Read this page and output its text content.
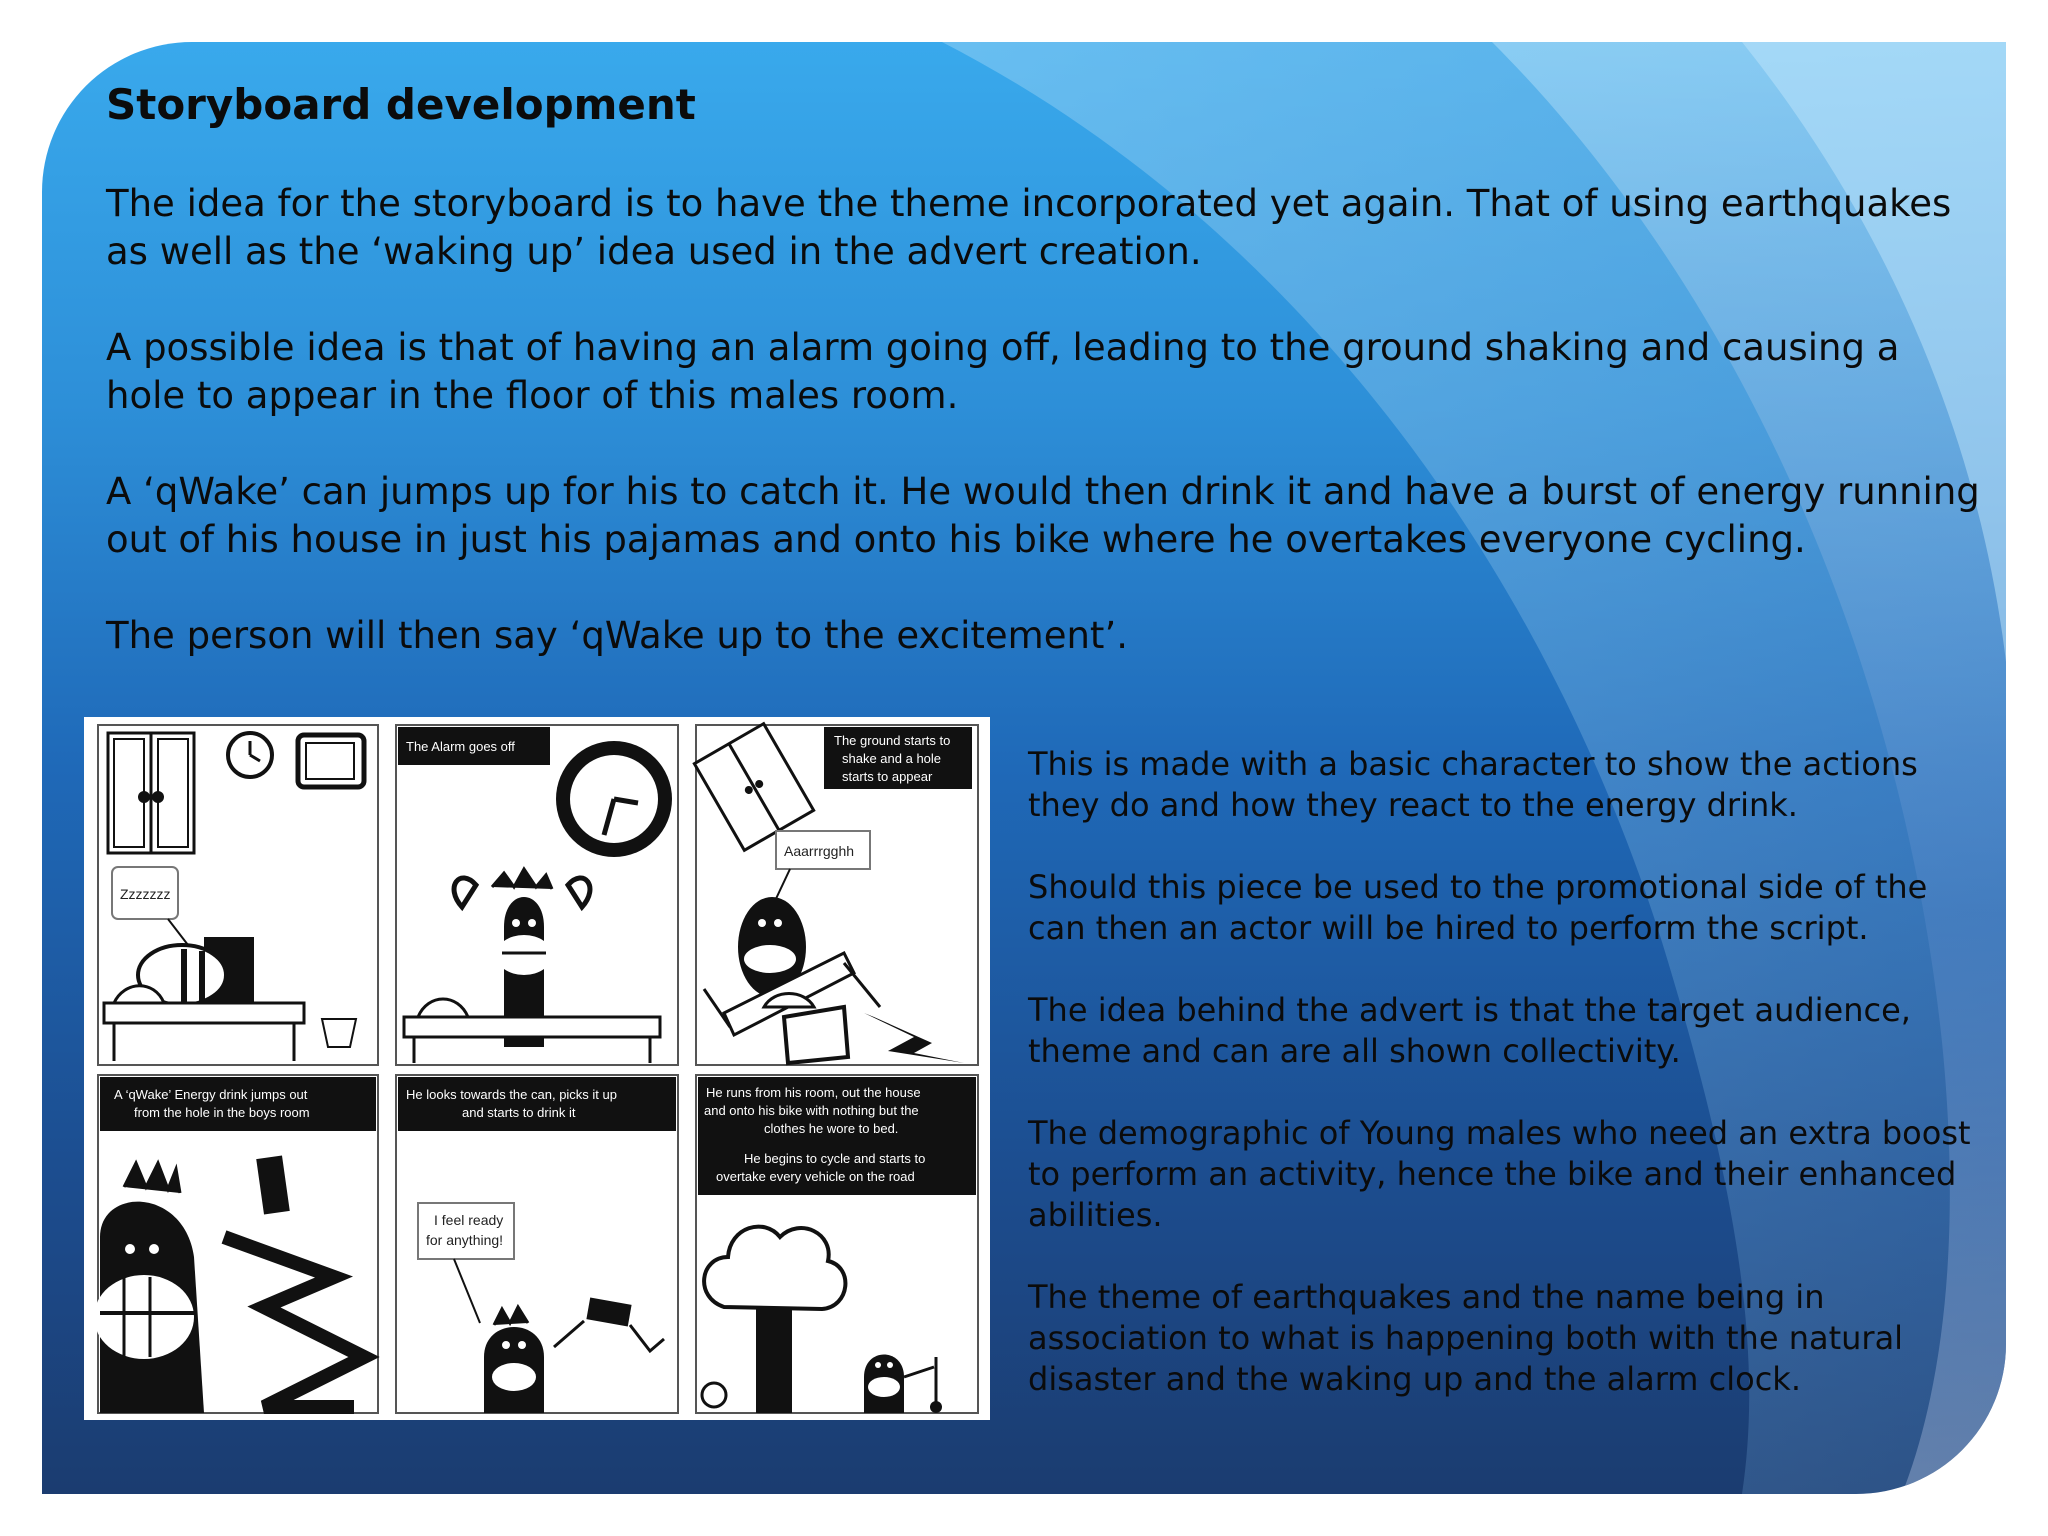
Storyboard development

The idea for the storyboard is to have the theme incorporated yet again. That of using earthquakes as well as the ‘waking up’ idea used in the advert creation.

A possible idea is that of having an alarm going off, leading to the ground shaking and causing a hole to appear in the floor of this males room.

A ‘qWake’ can jumps up for his to catch it. He would then drink it and have a burst of energy running out of his house in just his pajamas and onto his bike where he overtakes everyone cycling.

The person will then say ‘qWake up to the excitement’.

Zzzzzzz
The Alarm goes off	The ground starts to
shake and a hole
starts to appear
Aaarrrgghh
A ‘qWake’ Energy drink jumps out
from the hole in the boys room
He looks towards the can, picks it up
and starts to drink it
I feel ready
for anything!
He runs from his room, out the house
and onto his bike with nothing but the
clothes he wore to bed.
He begins to cycle and starts to
overtake every vehicle on the road

This is made with a basic character to show the actions they do and how they react to the energy drink.

Should this piece be used to the promotional side of the can then an actor will be hired to perform the script.

The idea behind the advert is that the target audience, theme and can are all shown collectivity.

The demographic of Young males who need an extra boost to perform an activity, hence the bike and their enhanced abilities.

The theme of earthquakes and the name being in association to what is happening both with the natural disaster and the waking up and the alarm clock.
